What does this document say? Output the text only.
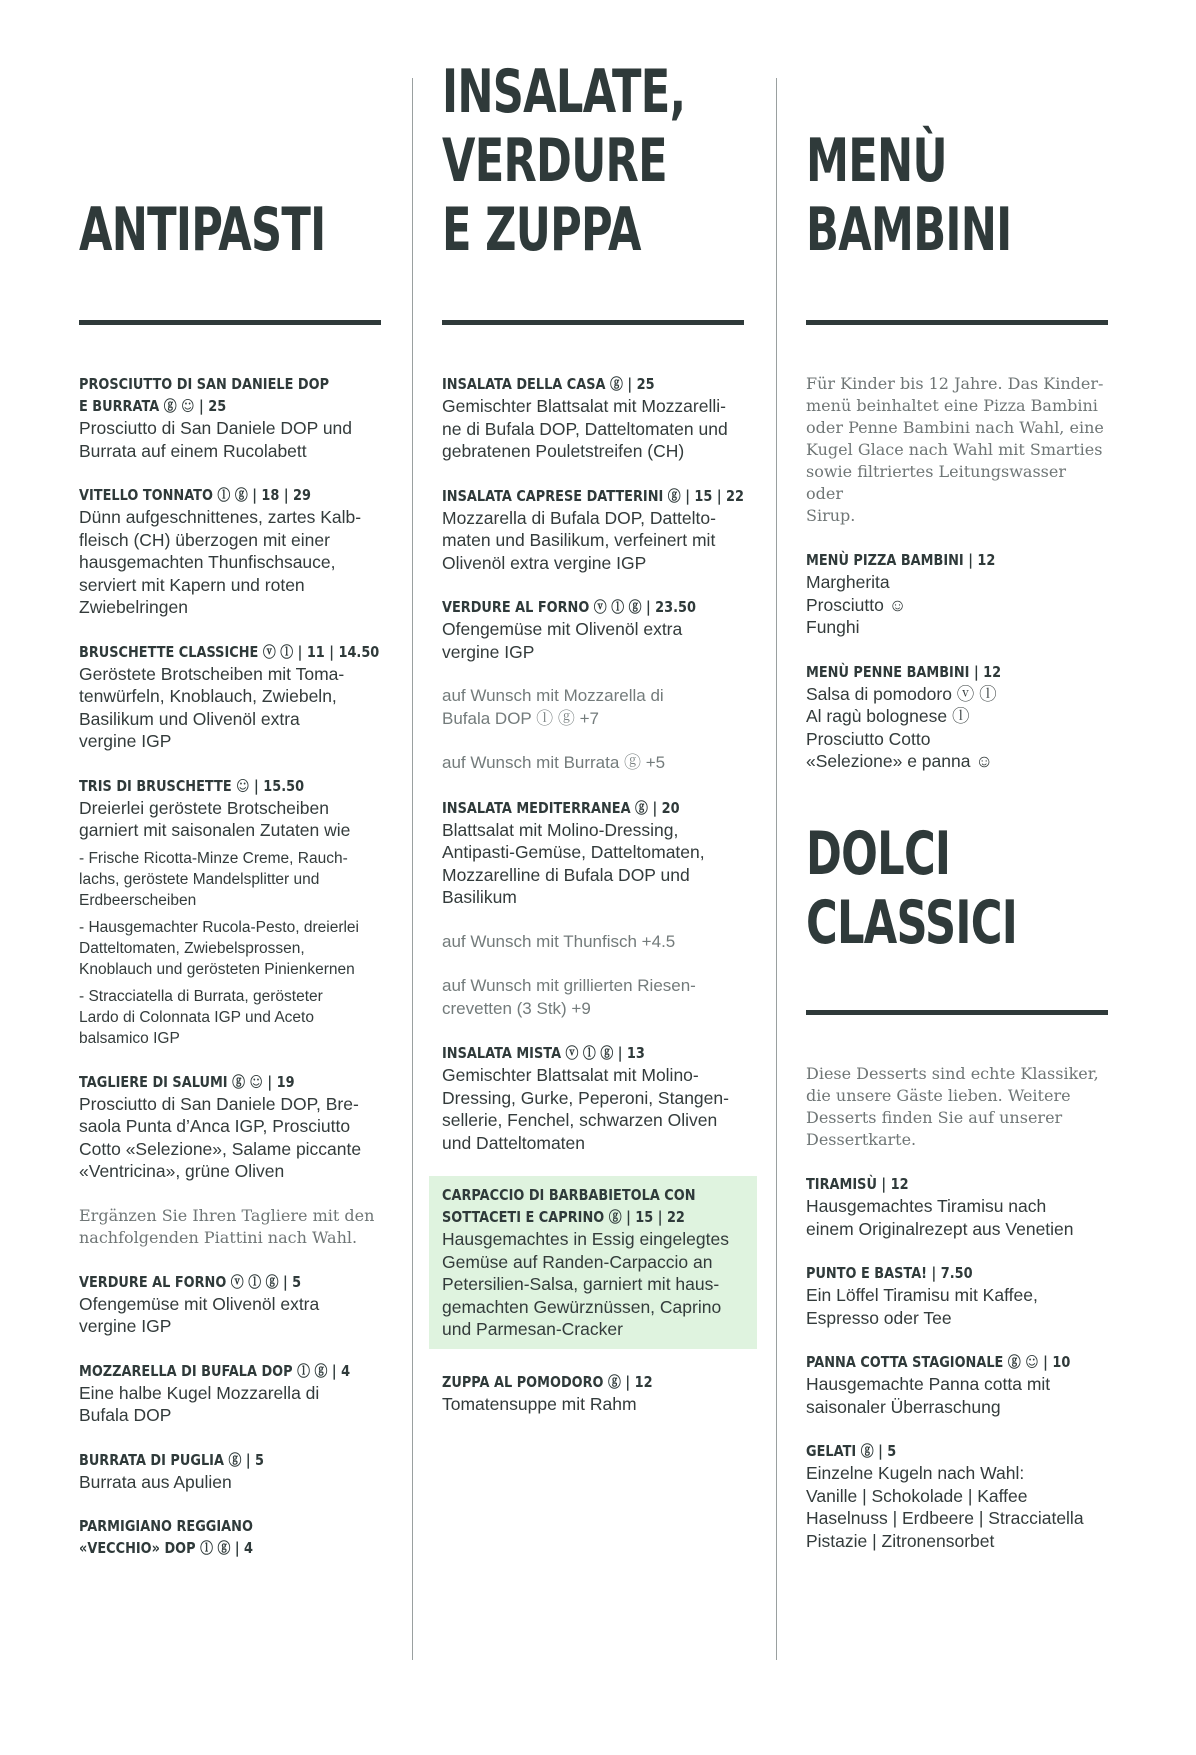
ANTIPASTI
PROSCIUTTO DI SAN DANIELE DOP
E BURRATA ⓖ ☺ | 25
Prosciutto di San Daniele DOP und
Burrata auf einem Rucolabett
VITELLO TONNATO ⓛ ⓖ | 18 | 29
Dünn aufgeschnittenes, zartes Kalb-
fleisch (CH) überzogen mit einer
hausgemachten Thunfischsauce,
serviert mit Kapern und roten
Zwiebelringen
BRUSCHETTE CLASSICHE ⓥ ⓛ | 11 | 14.50
Geröstete Brotscheiben mit Toma-
tenwürfeln, Knoblauch, Zwiebeln,
Basilikum und Olivenöl extra
vergine IGP
TRIS DI BRUSCHETTE ☺ | 15.50
Dreierlei geröstete Brotscheiben
garniert mit saisonalen Zutaten wie
- Frische Ricotta-Minze Creme, Rauch-
lachs, geröstete Mandelsplitter und
Erdbeerscheiben
- Hausgemachter Rucola-Pesto, dreierlei
Datteltomaten, Zwiebelsprossen,
Knoblauch und gerösteten Pinienkernen
- Stracciatella di Burrata, gerösteter
Lardo di Colonnata IGP und Aceto
balsamico IGP
TAGLIERE DI SALUMI ⓖ ☺ | 19
Prosciutto di San Daniele DOP, Bre-
saola Punta d’Anca IGP, Prosciutto
Cotto «Selezione», Salame piccante
«Ventricina», grüne Oliven
Ergänzen Sie Ihren Tagliere mit den
nachfolgenden Piattini nach Wahl.
VERDURE AL FORNO ⓥ ⓛ ⓖ | 5
Ofengemüse mit Olivenöl extra
vergine IGP
MOZZARELLA DI BUFALA DOP ⓛ ⓖ | 4
Eine halbe Kugel Mozzarella di
Bufala DOP
BURRATA DI PUGLIA ⓖ | 5
Burrata aus Apulien
PARMIGIANO REGGIANO
«VECCHIO» DOP ⓛ ⓖ | 4
INSALATE,
VERDURE
E ZUPPA
INSALATA DELLA CASA ⓖ | 25
Gemischter Blattsalat mit Mozzarelli-
ne di Bufala DOP, Datteltomaten und
gebratenen Pouletstreifen (CH)
INSALATA CAPRESE DATTERINI ⓖ | 15 | 22
Mozzarella di Bufala DOP, Dattelto-
maten und Basilikum, verfeinert mit
Olivenöl extra vergine IGP
VERDURE AL FORNO ⓥ ⓛ ⓖ | 23.50
Ofengemüse mit Olivenöl extra
vergine IGP
auf Wunsch mit Mozzarella di
Bufala DOP ⓛ ⓖ +7
auf Wunsch mit Burrata ⓖ +5
INSALATA MEDITERRANEA ⓖ | 20
Blattsalat mit Molino-Dressing,
Antipasti-Gemüse, Datteltomaten,
Mozzarelline di Bufala DOP und
Basilikum
auf Wunsch mit Thunfisch +4.5
auf Wunsch mit grillierten Riesen-
crevetten (3 Stk) +9
INSALATA MISTA ⓥ ⓛ ⓖ | 13
Gemischter Blattsalat mit Molino-
Dressing, Gurke, Peperoni, Stangen-
sellerie, Fenchel, schwarzen Oliven
und Datteltomaten
CARPACCIO DI BARBABIETOLA CON
SOTTACETI E CAPRINO ⓖ | 15 | 22
Hausgemachtes in Essig eingelegtes
Gemüse auf Randen-Carpaccio an
Petersilien-Salsa, garniert mit haus-
gemachten Gewürznüssen, Caprino
und Parmesan-Cracker
ZUPPA AL POMODORO ⓖ | 12
Tomatensuppe mit Rahm
MENÙ
BAMBINI
Für Kinder bis 12 Jahre. Das Kinder-
menü beinhaltet eine Pizza Bambini
oder Penne Bambini nach Wahl, eine
Kugel Glace nach Wahl mit Smarties
sowie filtriertes Leitungswasser oder
Sirup.
MENÙ PIZZA BAMBINI | 12
Margherita
Prosciutto ☺
Funghi
MENÙ PENNE BAMBINI | 12
Salsa di pomodoro ⓥ ⓛ
Al ragù bolognese ⓛ
Prosciutto Cotto
«Selezione» e panna ☺
DOLCI
CLASSICI
Diese Desserts sind echte Klassiker,
die unsere Gäste lieben. Weitere
Desserts finden Sie auf unserer
Dessertkarte.
TIRAMISÙ | 12
Hausgemachtes Tiramisu nach
einem Originalrezept aus Venetien
PUNTO E BASTA! | 7.50
Ein Löffel Tiramisu mit Kaffee,
Espresso oder Tee
PANNA COTTA STAGIONALE ⓖ ☺ | 10
Hausgemachte Panna cotta mit
saisonaler Überraschung
GELATI ⓖ | 5
Einzelne Kugeln nach Wahl:
Vanille | Schokolade | Kaffee
Haselnuss | Erdbeere | Stracciatella
Pistazie | Zitronensorbet
